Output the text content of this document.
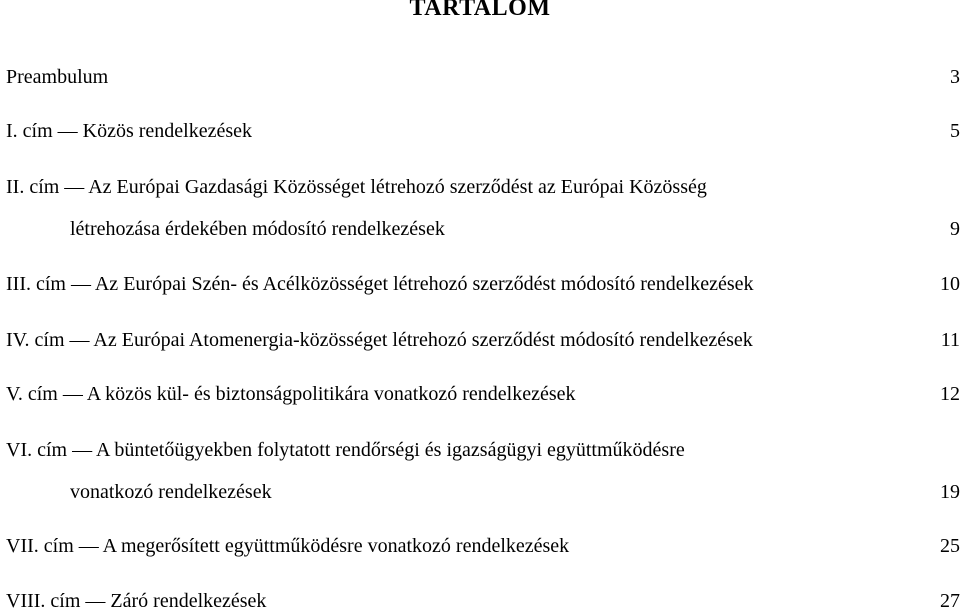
TARTALOM
Preambulum	3
I. cím — Közös rendelkezések	5
II. cím — Az Európai Gazdasági Közösséget létrehozó szerződést az Európai Közösség
létrehozása érdekében módosító rendelkezések	9
III. cím — Az Európai Szén- és Acélközösséget létrehozó szerződést módosító rendelkezések	10
IV. cím — Az Európai Atomenergia-közösséget létrehozó szerződést módosító rendelkezések	11
V. cím — A közös kül- és biztonságpolitikára vonatkozó rendelkezések	12
VI. cím — A büntetőügyekben folytatott rendőrségi és igazságügyi együttműködésre
vonatkozó rendelkezések	19
VII. cím — A megerősített együttműködésre vonatkozó rendelkezések	25
VIII. cím — Záró rendelkezések	27
